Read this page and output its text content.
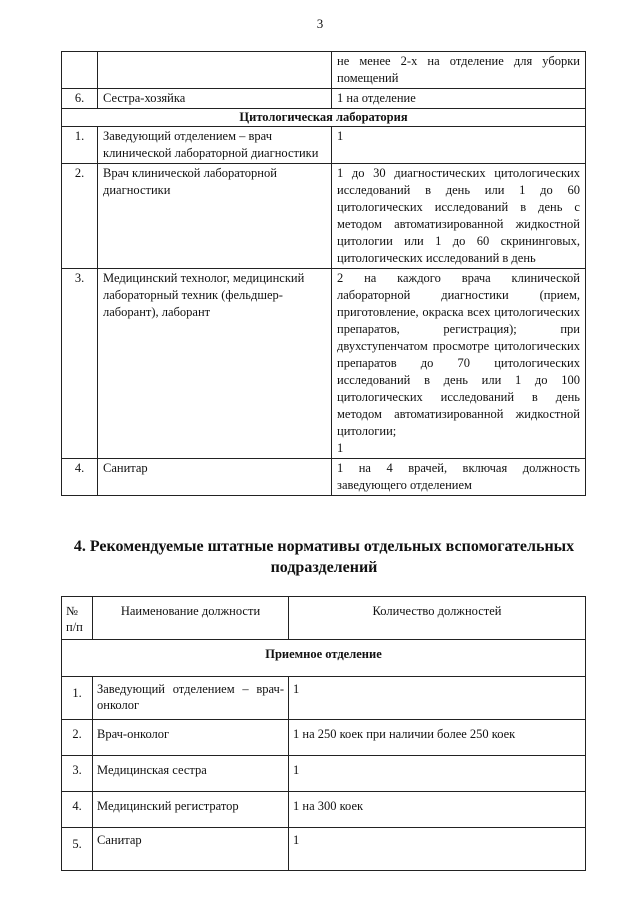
3
		не менее 2-х на отделение для уборки помещений
6.	Сестра-хозяйка	1 на отделение
Цитологическая лаборатория		
1.	Заведующий отделением – врач клинической лабораторной диагностики	1
2.	Врач клинической лабораторной диагностики	1 до 30 диагностических цитологических исследований в день или 1 до 60 цитологических исследований в день с методом автоматизированной жидкостной цитологии или 1 до 60 скрининговых, цитологических исследований в день
3.	Медицинский технолог, медицинский лабораторный техник (фельдшер-лаборант), лаборант	2 на каждого врача клинической лабораторной диагностики (прием, приготовление, окраска всех цитологических препаратов, регистрация); при двухступенчатом просмотре цитологических препаратов до 70 цитологических исследований в день или 1 до 100 цитологических исследований в день методом автоматизированной жидкостной цитологии;
1
4.	Санитар	1 на 4 врачей, включая должность заведующего отделением
4. Рекомендуемые штатные нормативы отдельных вспомогательных подразделений
№ п/п	Наименование должности	Количество должностей
Приемное отделение		
1.	Заведующий отделением – врач-онколог	1
2.	Врач-онколог	1 на 250 коек при наличии более 250 коек
3.	Медицинская сестра	1
4.	Медицинский регистратор	1 на 300 коек
5.	Санитар	1
